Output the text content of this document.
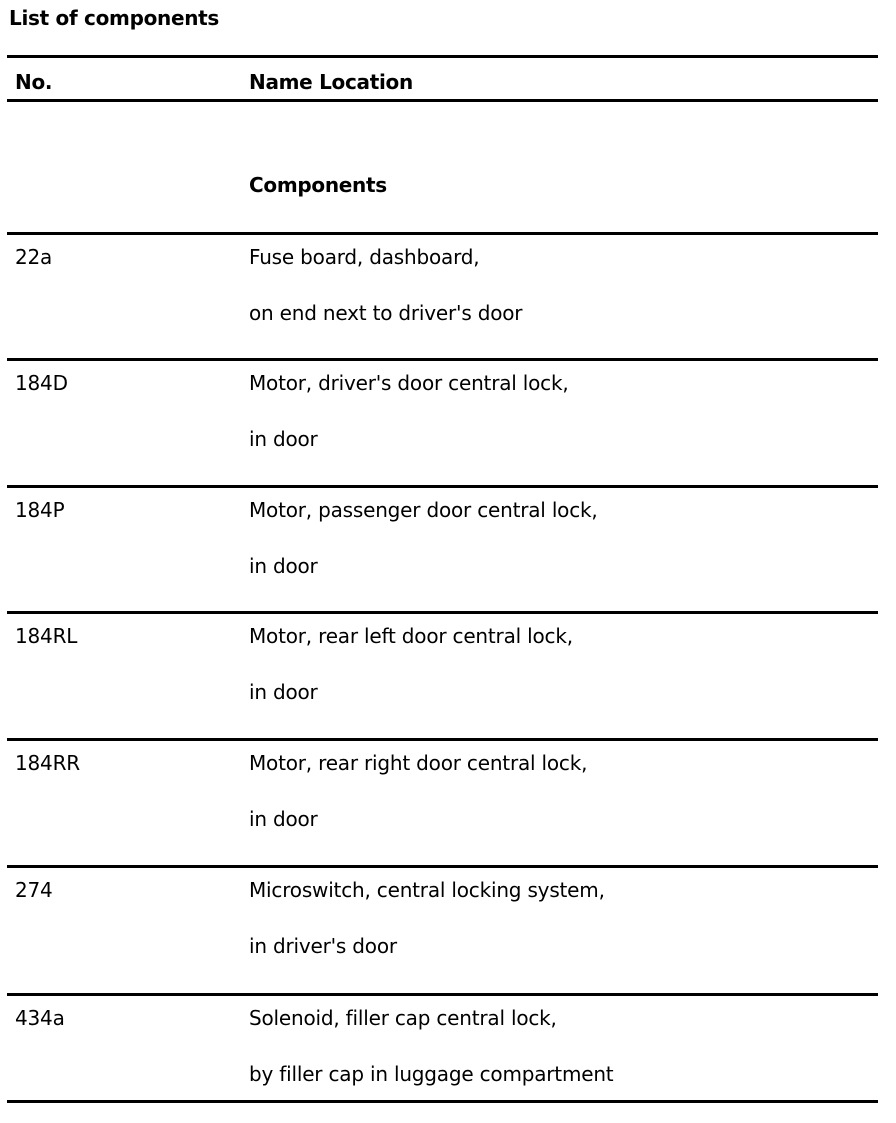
List of components
No.	Name Location
Components
22a	Fuse board, dashboard,
on end next to driver's door
184D	Motor, driver's door central lock,
in door
184P	Motor, passenger door central lock,
in door
184RL	Motor, rear left door central lock,
in door
184RR	Motor, rear right door central lock,
in door
274	Microswitch, central locking system,
in driver's door
434a	Solenoid, filler cap central lock,
by filler cap in luggage compartment
